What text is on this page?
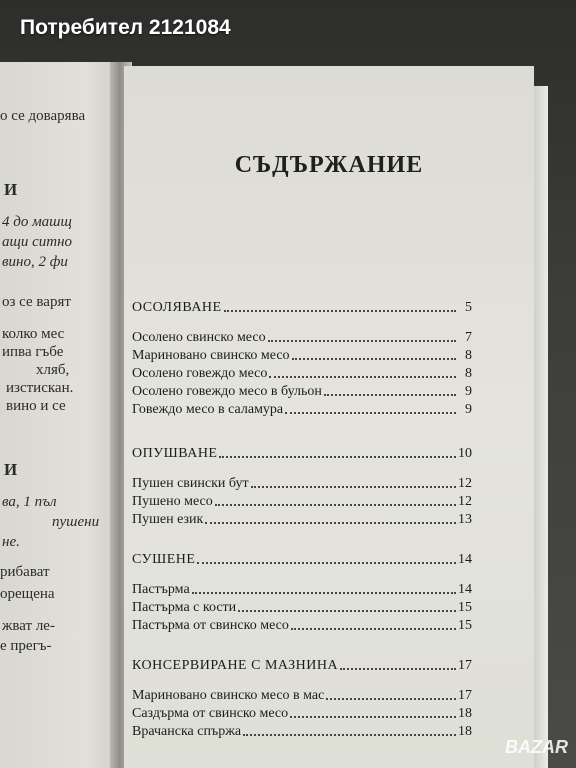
о се доварява
И
4 до машщ
ащи ситно
вино, 2 фи
оз се варят
колко мес
ипва гъбе
хляб,
изстискан.
вино и се
И
ва, 1 пъл
пушени
не.
рибават
орещена
жват ле-
е прегъ-
СЪДЪРЖАНИЕ
ОСОЛЯВАНЕ	5
Осолено свинско месо	7
Мариновано свинско месо	8
Осолено говеждо месо	8
Осолено говеждо месо в бульон	9
Говеждо месо в саламура	9
ОПУШВАНЕ	10
Пушен свински бут	12
Пушено месо	12
Пушен език	13
СУШЕНЕ	14
Пастърма	14
Пастърма с кости	15
Пастърма от свинско месо	15
КОНСЕРВИРАНЕ С МАЗНИНА	17
Мариновано свинско месо в мас	17
Саздърма от свинско месо	18
Врачанска спържа	18
Потребител 2121084
BAZAR
